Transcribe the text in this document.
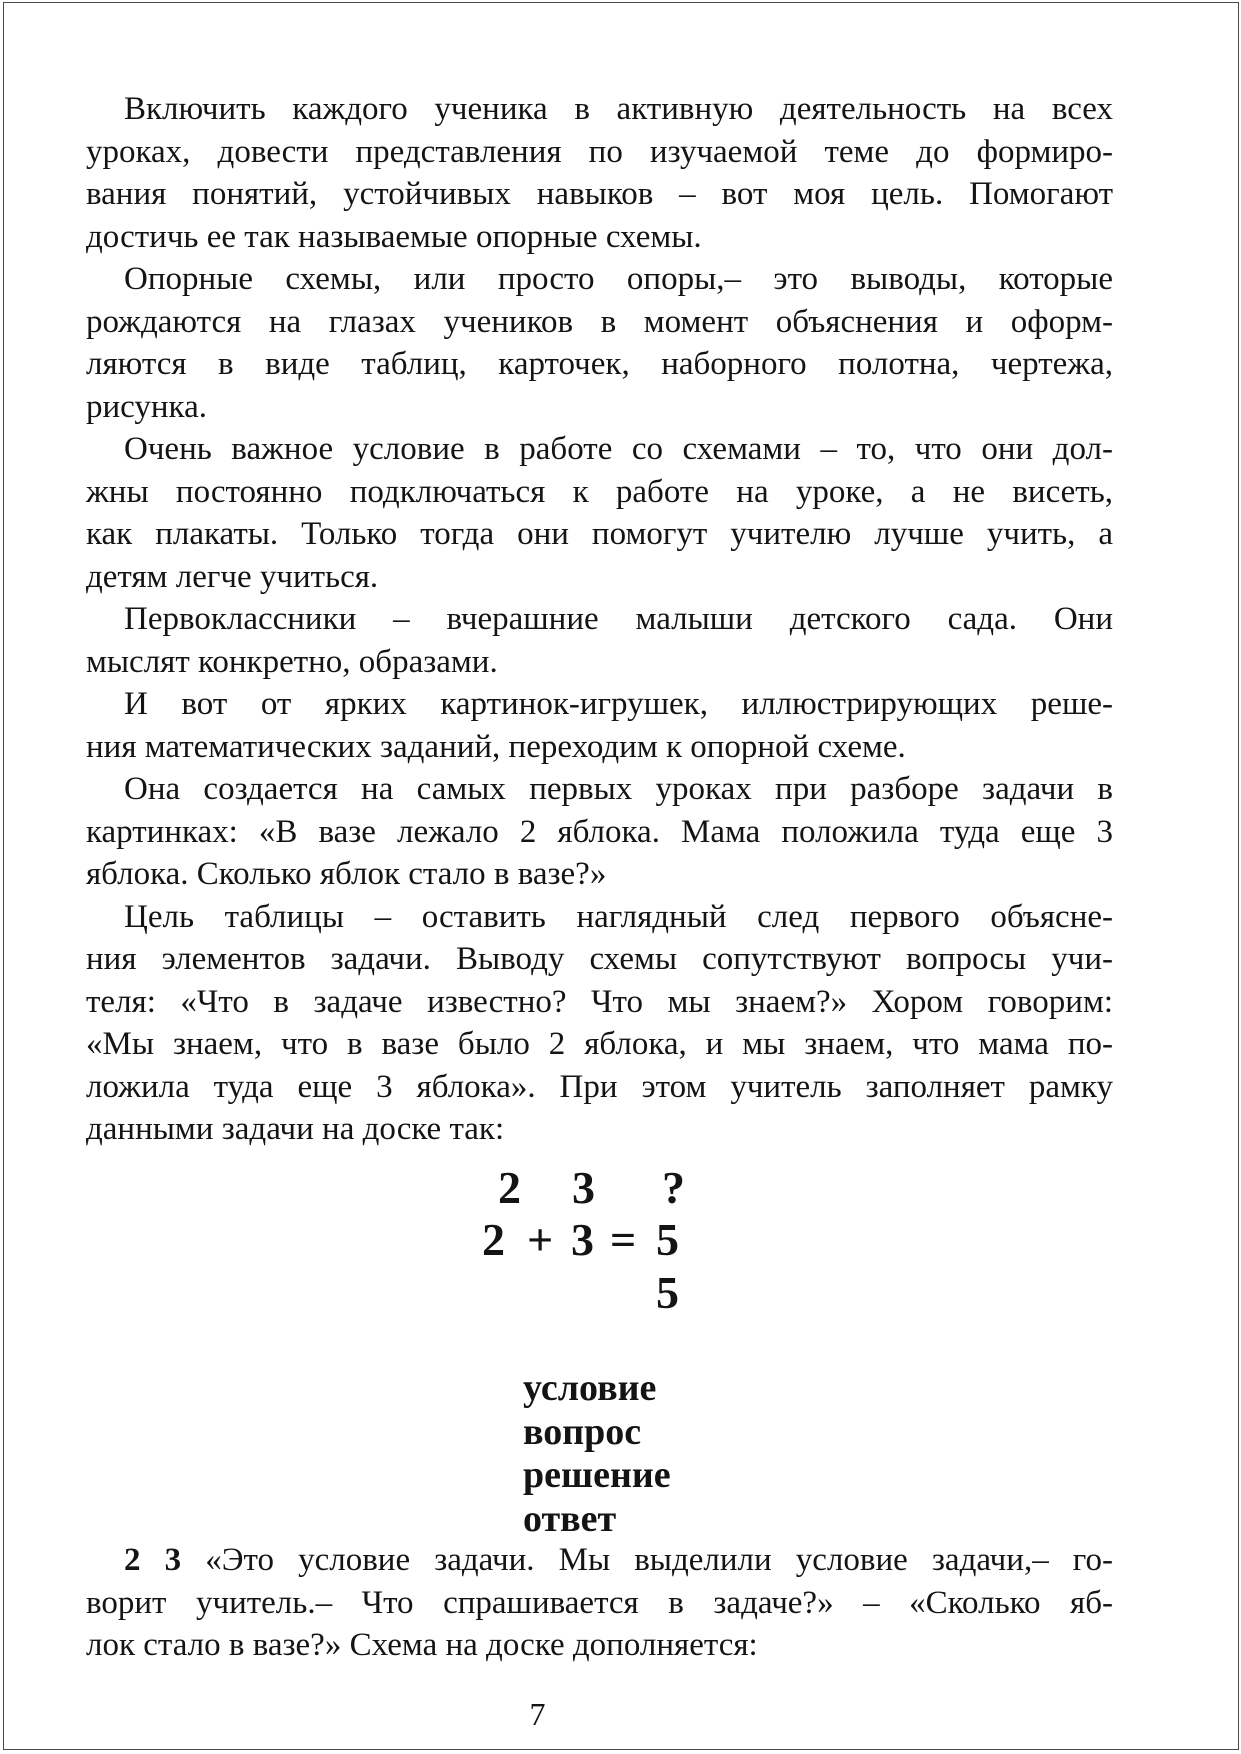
Включить каждого ученика в активную деятельность на всех
уроках, довести представления по изучаемой теме до формиро-
вания понятий, устойчивых навыков – вот моя цель. Помогают
достичь ее так называемые опорные схемы.
Опорные схемы, или просто опоры,– это выводы, которые
рождаются на глазах учеников в момент объяснения и оформ-
ляются в виде таблиц, карточек, наборного полотна, чертежа,
рисунка.
Очень важное условие в работе со схемами – то, что они дол-
жны постоянно подключаться к работе на уроке, а не висеть,
как плакаты. Только тогда они помогут учителю лучше учить, а
детям легче учиться.
Первоклассники – вчерашние малыши детского сада. Они
мыслят конкретно, образами.
И вот от ярких картинок-игрушек, иллюстрирующих реше-
ния математических заданий, переходим к опорной схеме.
Она создается на самых первых уроках при разборе задачи в
картинках: «В вазе лежало 2 яблока. Мама положила туда еще 3
яблока. Сколько яблок стало в вазе?»
Цель таблицы – оставить наглядный след первого объясне-
ния элементов задачи. Выводу схемы сопутствуют вопросы учи-
теля: «Что в задаче известно? Что мы знаем?» Хором говорим:
«Мы знаем, что в вазе было 2 яблока, и мы знаем, что мама по-
ложила туда еще 3 яблока». При этом учитель заполняет рамку
данными задачи на доске так:
2 3 ?
2 + 3 = 5
5
условие
вопрос
решение
ответ
2 3 «Это условие задачи. Мы выделили условие задачи,– го-
ворит учитель.– Что спрашивается в задаче?» – «Сколько яб-
лок стало в вазе?» Схема на доске дополняется:
7
